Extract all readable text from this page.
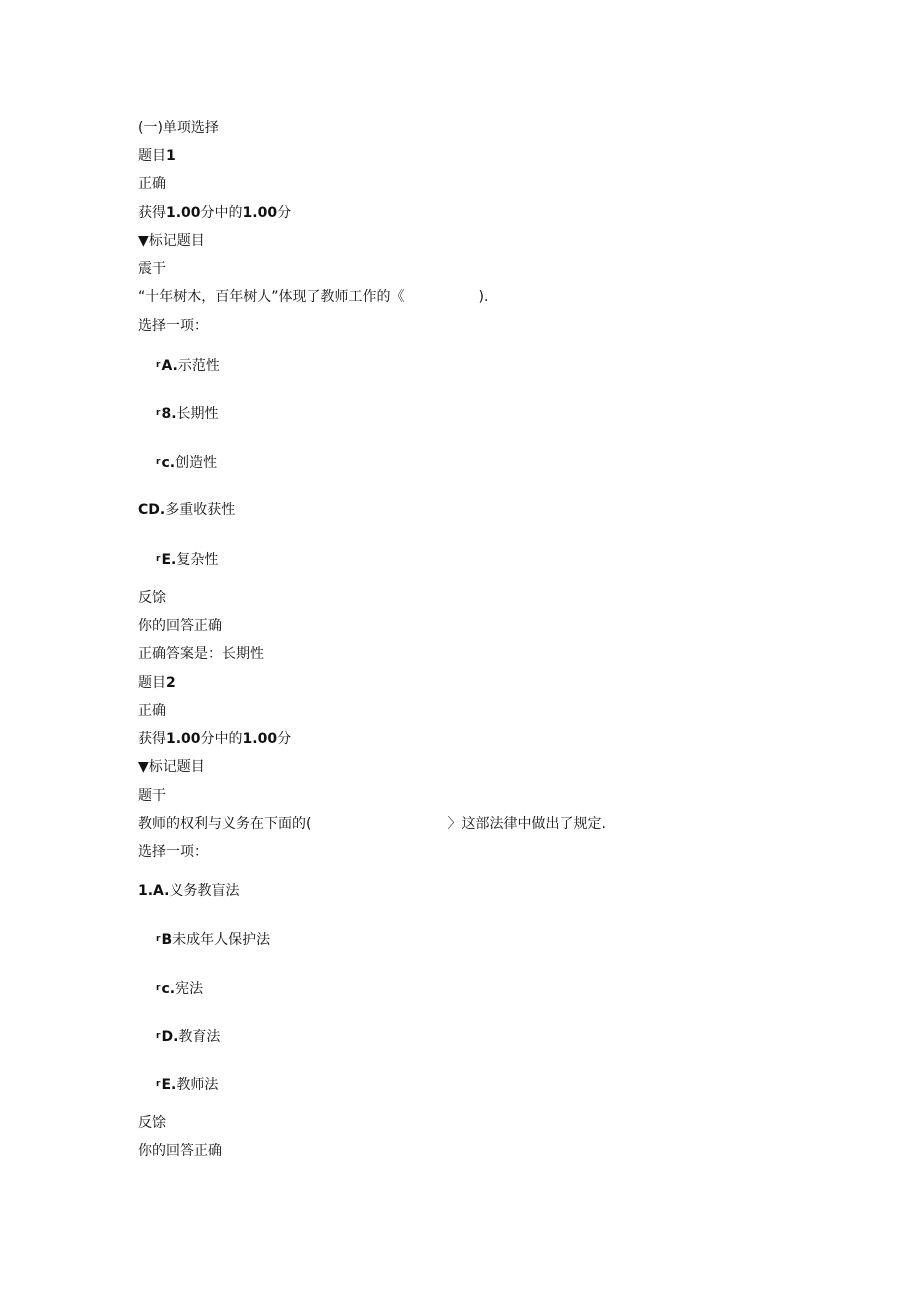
(一)单项选择
题目1
正确
获得1.00分中的1.00分
▼标记题目
震干
“十年树木，百年树人”体现了教师工作的《	).
选择一项：
$^r$A.示范性
$^r$8.长期性
$^r$c.创造性
CD.多重收获性
$^r$E.复杂性
反馀
你的回答正确
正确答案是：长期性
题目2
正确
获得1.00分中的1.00分
▼标记题目
题干
教师的权利与义务在下面的(	〉这部法律中做出了规定.
选择一项：
1.A.义务教盲法
$^r$B未成年人保护法
$^r$c.宪法
$^r$D.教育法
$^r$E.教师法
反馀
你的回答正确
